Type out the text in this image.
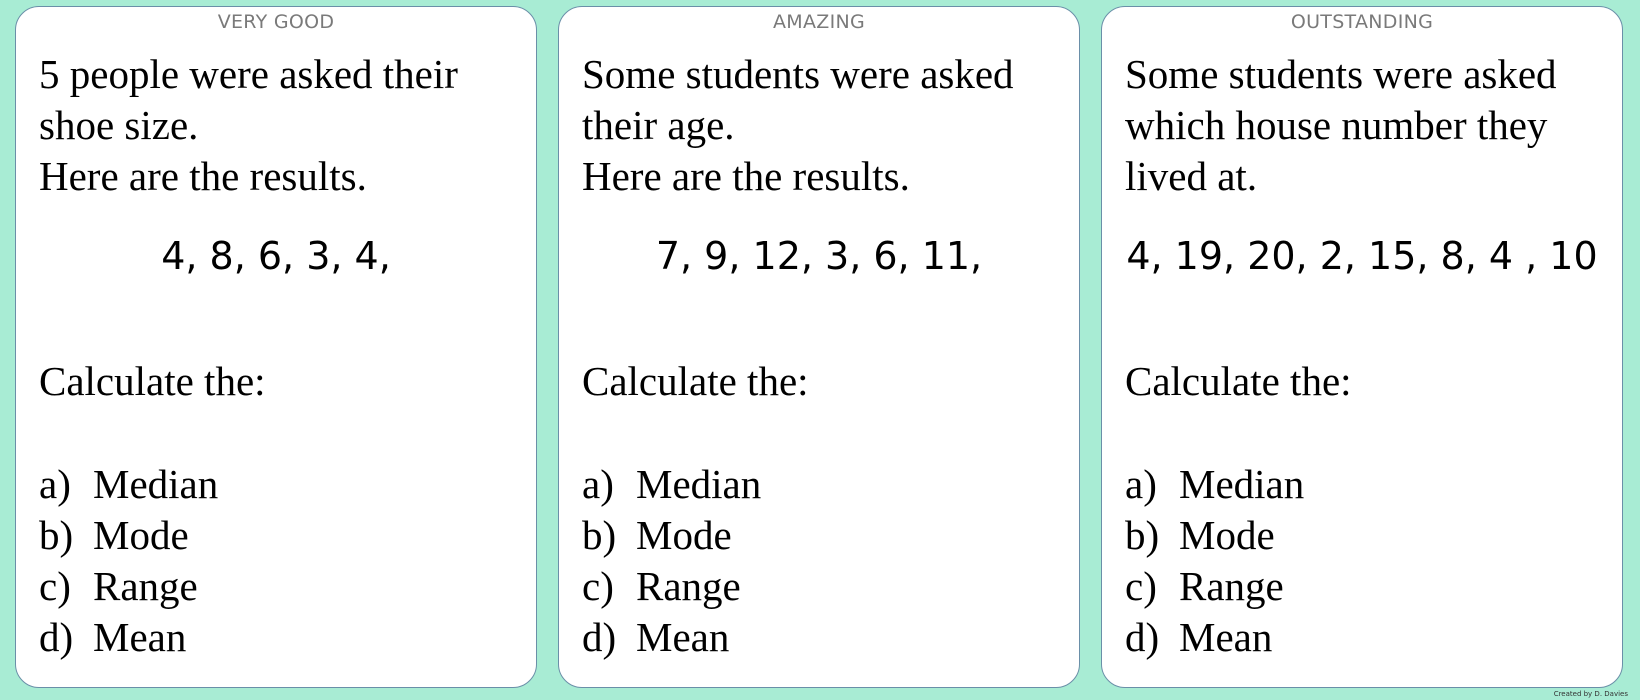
VERY GOOD
5 people were asked their
shoe size.
Here are the results.
4, 8, 6, 3, 4,
Calculate the:
a) Median
b) Mode
c) Range
d) Mean
AMAZING
Some students were asked
their age.
Here are the results.
7, 9, 12, 3, 6, 11,
Calculate the:
a) Median
b) Mode
c) Range
d) Mean
OUTSTANDING
Some students were asked
which house number they
lived at.
4, 19, 20, 2, 15, 8, 4 , 10
Calculate the:
a) Median
b) Mode
c) Range
d) Mean
Created by D. Davies
